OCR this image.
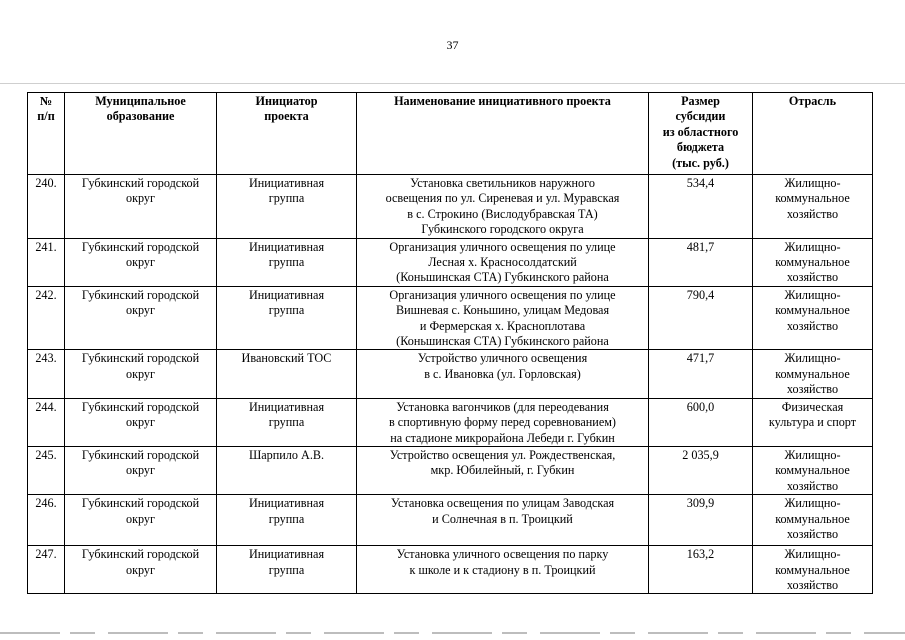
37
№
п/п	Муниципальное
образование	Инициатор
проекта	Наименование инициативного проекта	Размер
субсидии
из областного
бюджета
(тыс. руб.)	Отрасль

240.	Губкинский городской
округ	Инициативная
группа	Установка светильников наружного
освещения по ул. Сиреневая и ул. Муравская
в с. Строкино (Вислодубравская ТА)
Губкинского городского округа	534,4	Жилищно-
коммунальное
хозяйство

241.	Губкинский городской
округ	Инициативная
группа	Организация уличного освещения по улице
Лесная х. Красносолдатский
(Коньшинская СТА) Губкинского района	481,7	Жилищно-
коммунальное
хозяйство

242.	Губкинский городской
округ	Инициативная
группа	Организация уличного освещения по улице
Вишневая с. Коньшино, улицам Медовая
и Фермерская х. Красноплотава
(Коньшинская СТА) Губкинского района	790,4	Жилищно-
коммунальное
хозяйство

243.	Губкинский городской
округ	Ивановский ТОС	Устройство уличного освещения
в с. Ивановка (ул. Горловская)	471,7	Жилищно-
коммунальное
хозяйство

244.	Губкинский городской
округ	Инициативная
группа	Установка вагончиков (для переодевания
в спортивную форму перед соревнованием)
на стадионе микрорайона Лебеди г. Губкин	600,0	Физическая
культура и спорт

245.	Губкинский городской
округ	Шарпило А.В.	Устройство освещения ул. Рождественская,
мкр. Юбилейный, г. Губкин	2 035,9	Жилищно-
коммунальное
хозяйство

246.	Губкинский городской
округ	Инициативная
группа	Установка освещения по улицам Заводская
и Солнечная в п. Троицкий	309,9	Жилищно-
коммунальное
хозяйство

247.	Губкинский городской
округ	Инициативная
группа	Установка уличного освещения по парку
к школе и к стадиону в п. Троицкий	163,2	Жилищно-
коммунальное
хозяйство
